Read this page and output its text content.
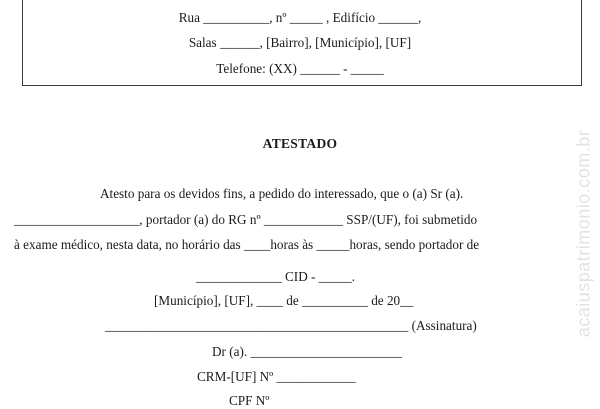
Rua __________, nº _____ , Edifício ______,
Salas ______, [Bairro], [Município], [UF]
Telefone: (XX) ______ - _____
ATESTADO
Atesto para os devidos fins, a pedido do interessado, que o (a) Sr (a).
___________________, portador (a) do RG nº ____________ SSP/(UF), foi submetido
à exame médico, nesta data, no horário das ____horas às _____horas, sendo portador de
_____________ CID - _____.
[Município], [UF], ____ de __________ de 20__
______________________________________________ (Assinatura)
Dr (a). _______________________
CRM-[UF] Nº ____________
CPF Nº
acaiuspatrimonio.com.br
